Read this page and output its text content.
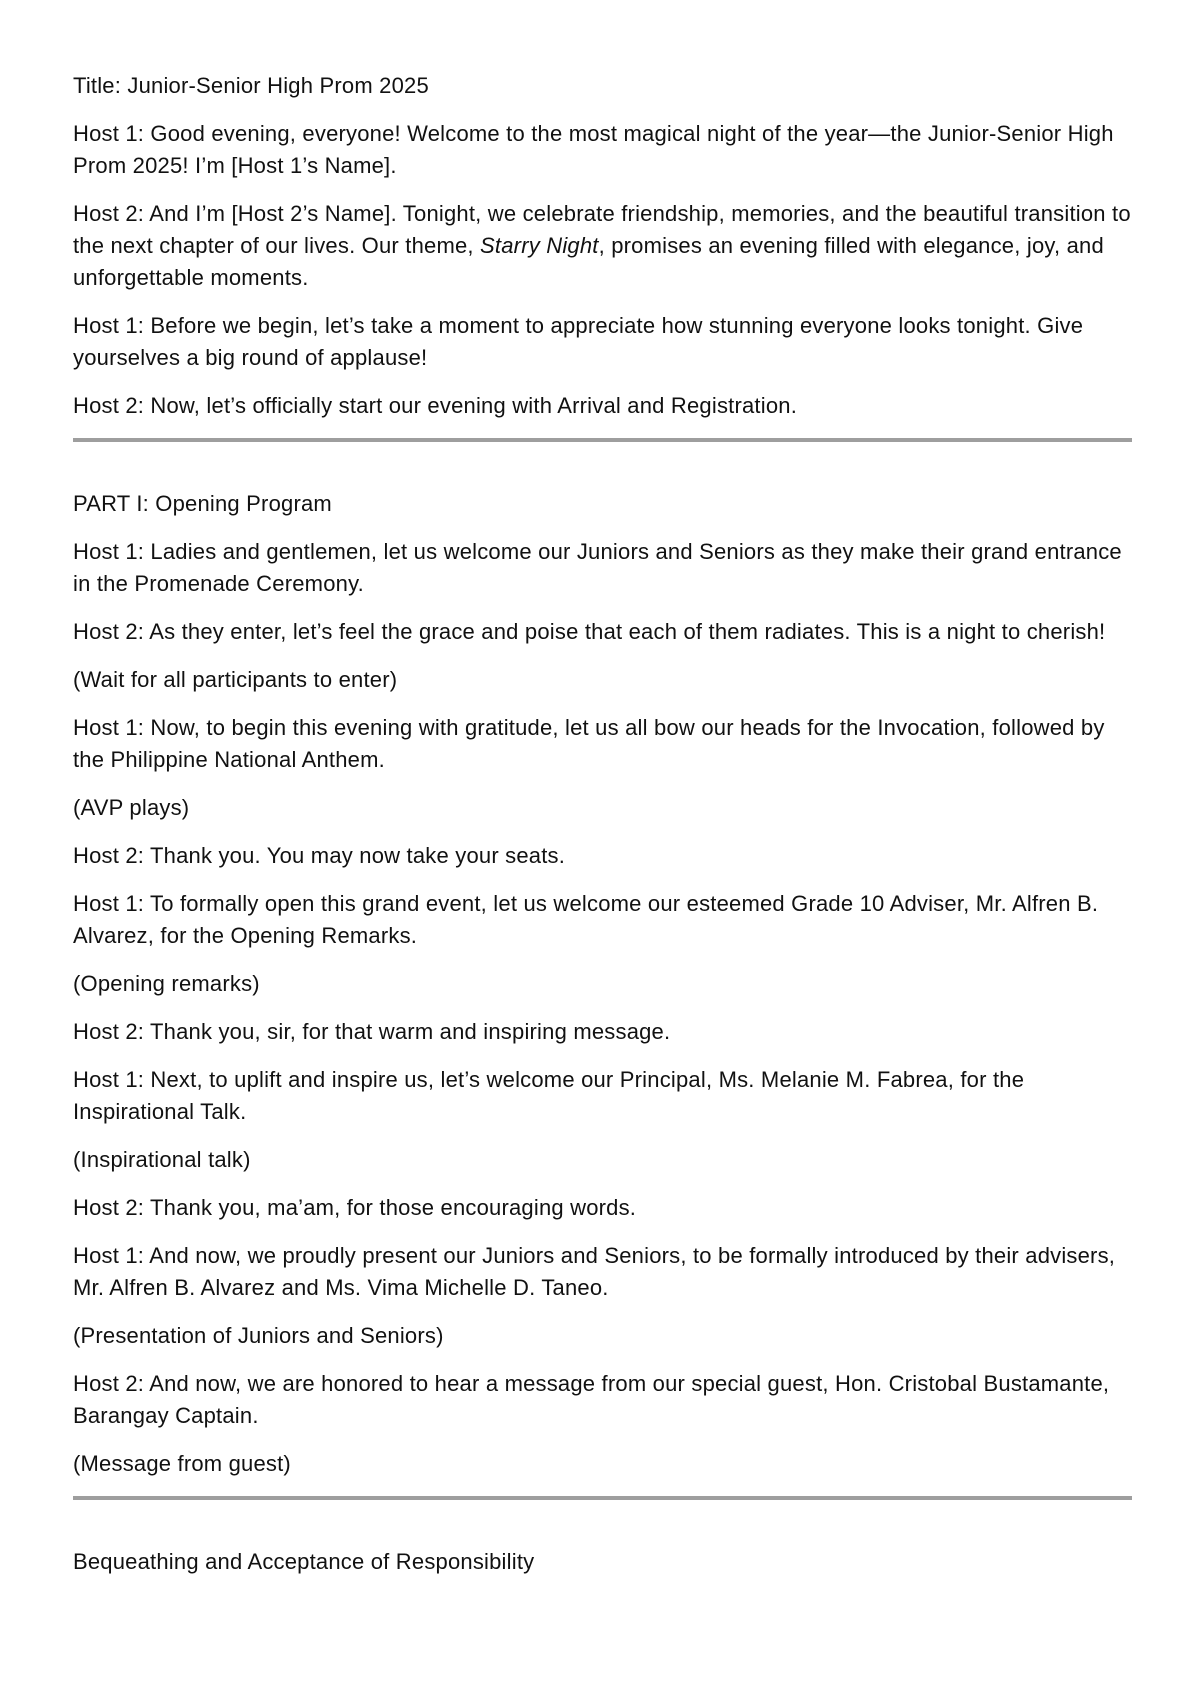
Title: Junior-Senior High Prom 2025

Host 1: Good evening, everyone! Welcome to the most magical night of the year—the Junior-Senior High Prom 2025! I’m [Host 1’s Name].

Host 2: And I’m [Host 2’s Name]. Tonight, we celebrate friendship, memories, and the beautiful transition to the next chapter of our lives. Our theme, Starry Night, promises an evening filled with elegance, joy, and unforgettable moments.

Host 1: Before we begin, let’s take a moment to appreciate how stunning everyone looks tonight. Give yourselves a big round of applause!

Host 2: Now, let’s officially start our evening with Arrival and Registration.

PART I: Opening Program

Host 1: Ladies and gentlemen, let us welcome our Juniors and Seniors as they make their grand entrance in the Promenade Ceremony.

Host 2: As they enter, let’s feel the grace and poise that each of them radiates. This is a night to cherish!

(Wait for all participants to enter)

Host 1: Now, to begin this evening with gratitude, let us all bow our heads for the Invocation, followed by the Philippine National Anthem.

(AVP plays)

Host 2: Thank you. You may now take your seats.

Host 1: To formally open this grand event, let us welcome our esteemed Grade 10 Adviser, Mr. Alfren B. Alvarez, for the Opening Remarks.

(Opening remarks)

Host 2: Thank you, sir, for that warm and inspiring message.

Host 1: Next, to uplift and inspire us, let’s welcome our Principal, Ms. Melanie M. Fabrea, for the Inspirational Talk.

(Inspirational talk)

Host 2: Thank you, ma’am, for those encouraging words.

Host 1: And now, we proudly present our Juniors and Seniors, to be formally introduced by their advisers, Mr. Alfren B. Alvarez and Ms. Vima Michelle D. Taneo.

(Presentation of Juniors and Seniors)

Host 2: And now, we are honored to hear a message from our special guest, Hon. Cristobal Bustamante, Barangay Captain.

(Message from guest)

Bequeathing and Acceptance of Responsibility
